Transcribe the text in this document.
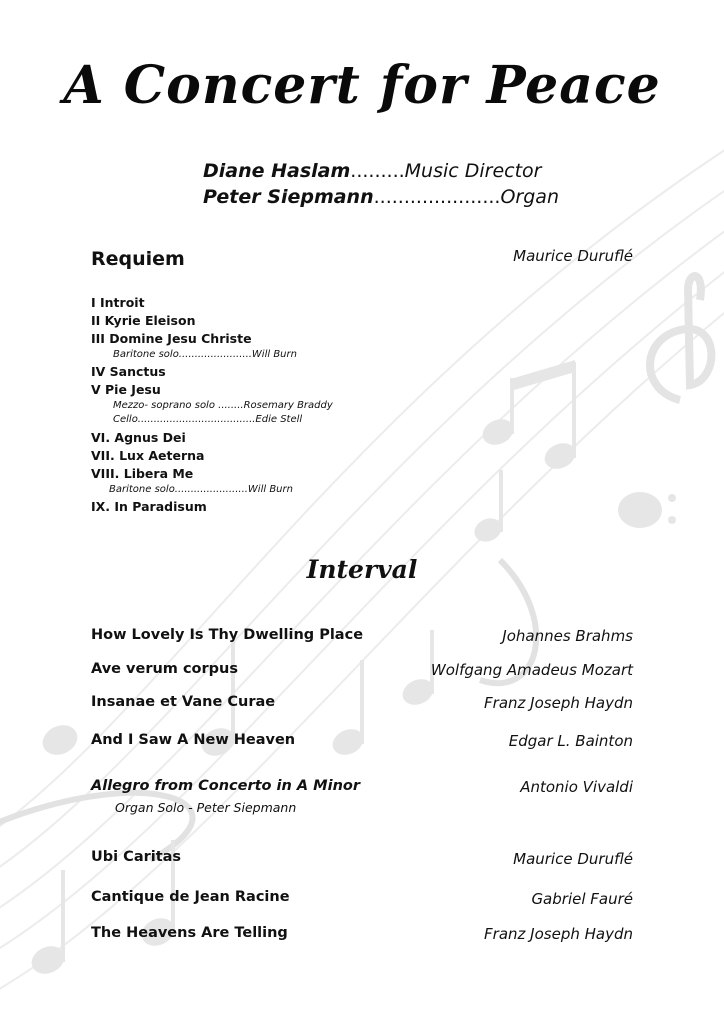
A Concert for Peace
Diane Haslam.........Music Director
Peter Siepmann.....................Organ
Requiem	Maurice Duruflé
I Introit
II Kyrie Eleison
III Domine Jesu Christe
Baritone solo.......................Will Burn
IV Sanctus
V Pie Jesu
Mezzo- soprano solo ........Rosemary Braddy
Cello.....................................Edie Stell
VI. Agnus Dei
VII. Lux Aeterna
VIII. Libera Me
Baritone solo.......................Will Burn
IX. In Paradisum
Interval
How Lovely Is Thy Dwelling Place	Johannes Brahms
Ave verum corpus	Wolfgang Amadeus Mozart
Insanae et Vane Curae	Franz Joseph Haydn
And I Saw A New Heaven	Edgar L. Bainton
Allegro from Concerto in A Minor	Antonio Vivaldi
Organ Solo - Peter Siepmann
Ubi Caritas	Maurice Duruflé
Cantique de Jean Racine	Gabriel Fauré
The Heavens Are Telling	Franz Joseph Haydn
